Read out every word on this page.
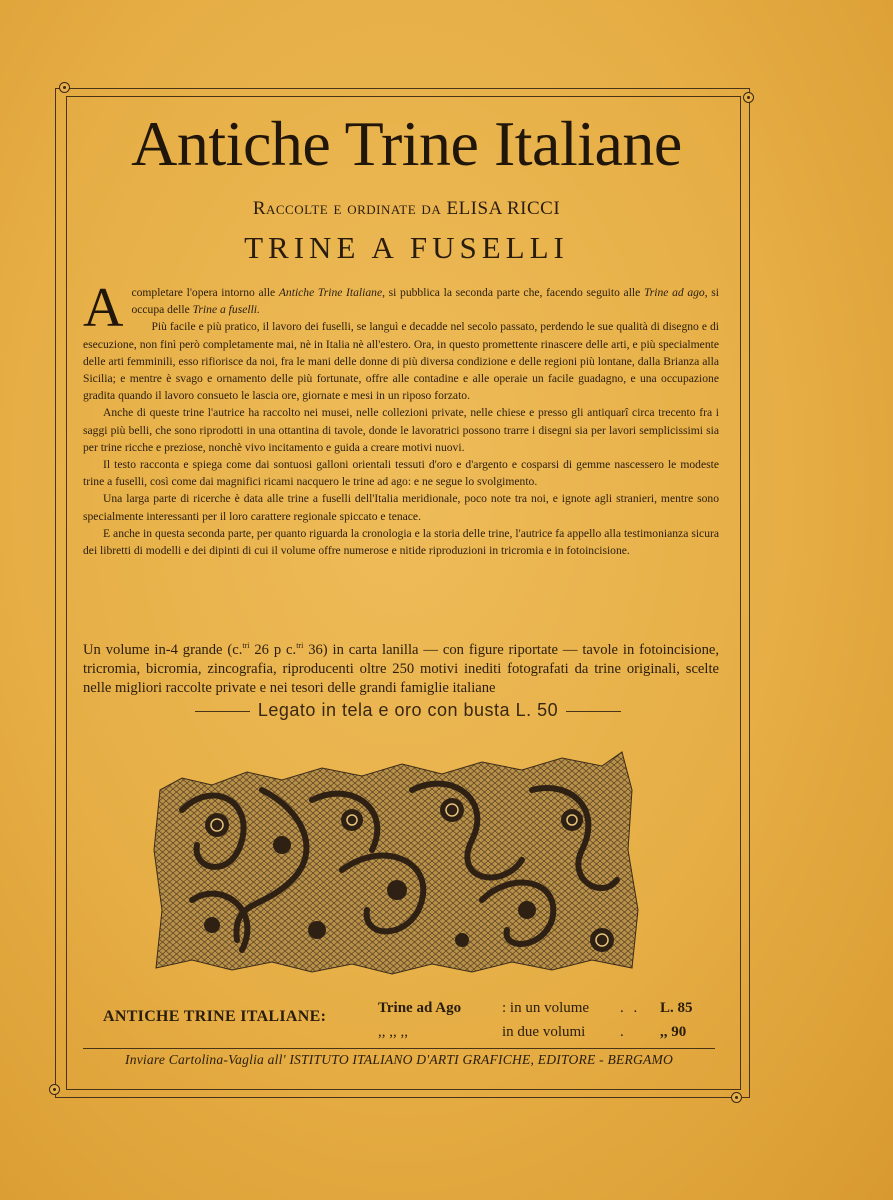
Antiche Trine Italiane
Raccolte e ordinate da ELISA RICCI
TRINE A FUSELLI

Acompletare l'opera intorno alle Antiche Trine Italiane, si pubblica la seconda parte che, facendo seguito alle Trine ad ago, si occupa delle Trine a fuselli.

Più facile e più pratico, il lavoro dei fuselli, se languì e decadde nel secolo passato, perdendo le sue qualità di disegno e di esecuzione, non finì però completamente mai, nè in Italia nè all'estero. Ora, in questo promettente rinascere delle arti, e più specialmente delle arti femminili, esso rifiorisce da noi, fra le mani delle donne di più diversa condizione e delle regioni più lontane, dalla Brianza alla Sicilia; e mentre è svago e ornamento delle più fortunate, offre alle contadine e alle operaie un facile guadagno, e una occupazione gradita quando il lavoro consueto le lascia ore, giornate e mesi in un riposo forzato.

Anche di queste trine l'autrice ha raccolto nei musei, nelle collezioni private, nelle chiese e presso gli antiquarî circa trecento fra i saggi più belli, che sono riprodotti in una ottantina di tavole, donde le lavoratrici possono trarre i disegni sia per lavori semplicissimi sia per trine ricche e preziose, nonchè vivo incitamento e guida a creare motivi nuovi.

Il testo racconta e spiega come dai sontuosi galloni orientali tessuti d'oro e d'argento e cosparsi di gemme nascessero le modeste trine a fuselli, così come dai magnifici ricami nacquero le trine ad ago: e ne segue lo svolgimento.

Una larga parte di ricerche è data alle trine a fuselli dell'Italia meridionale, poco note tra noi, e ignote agli stranieri, mentre sono specialmente interessanti per il loro carattere regionale spiccato e tenace.

E anche in questa seconda parte, per quanto riguarda la cronologia e la storia delle trine, l'autrice fa appello alla testimonianza sicura dei libretti di modelli e dei dipinti di cui il volume offre numerose e nitide riproduzioni in tricromia e in fotoincisione.

Un volume in-4 grande (c.$^{tri}$ 26 p c.$^{tri}$ 36) in carta lanilla — con figure riportate — tavole in fotoincisione, tricromia, bicromia, zincografia, riproducenti oltre 250 motivi inediti fotografati da trine originali, scelte nelle migliori raccolte private e nei tesori delle grandi famiglie italiane
Legato in tela e oro con busta L. 50
ANTICHE TRINE ITALIANE:	Trine ad Ago	: in un volume	. .	L. 85
,, ,, ,,	in due volumi	.	,, 90
Inviare Cartolina-Vaglia all' ISTITUTO ITALIANO D'ARTI GRAFICHE, EDITORE - BERGAMO
